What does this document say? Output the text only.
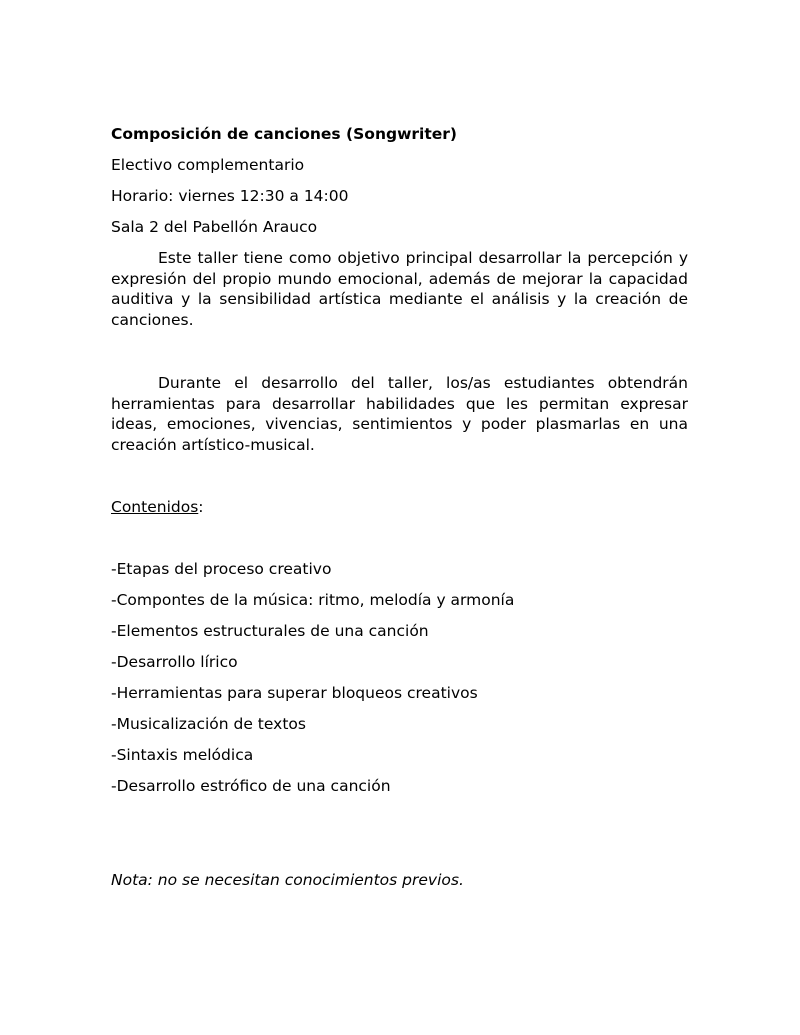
Composición de canciones (Songwriter)

Electivo complementario

Horario: viernes 12:30 a 14:00

Sala 2 del Pabellón Arauco

Este taller tiene como objetivo principal desarrollar la percepción y expresión del propio mundo emocional, además de mejorar la capacidad auditiva y la sensibilidad artística mediante el análisis y la creación de canciones.

Durante el desarrollo del taller, los/as estudiantes obtendrán herramientas para desarrollar habilidades que les permitan expresar ideas, emociones, vivencias, sentimientos y poder plasmarlas en una creación artístico-musical.

Contenidos:

-Etapas del proceso creativo
-Compontes de la música: ritmo, melodía y armonía
-Elementos estructurales de una canción
-Desarrollo lírico
-Herramientas para superar bloqueos creativos
-Musicalización de textos
-Sintaxis melódica
-Desarrollo estrófico de una canción

Nota: no se necesitan conocimientos previos.
